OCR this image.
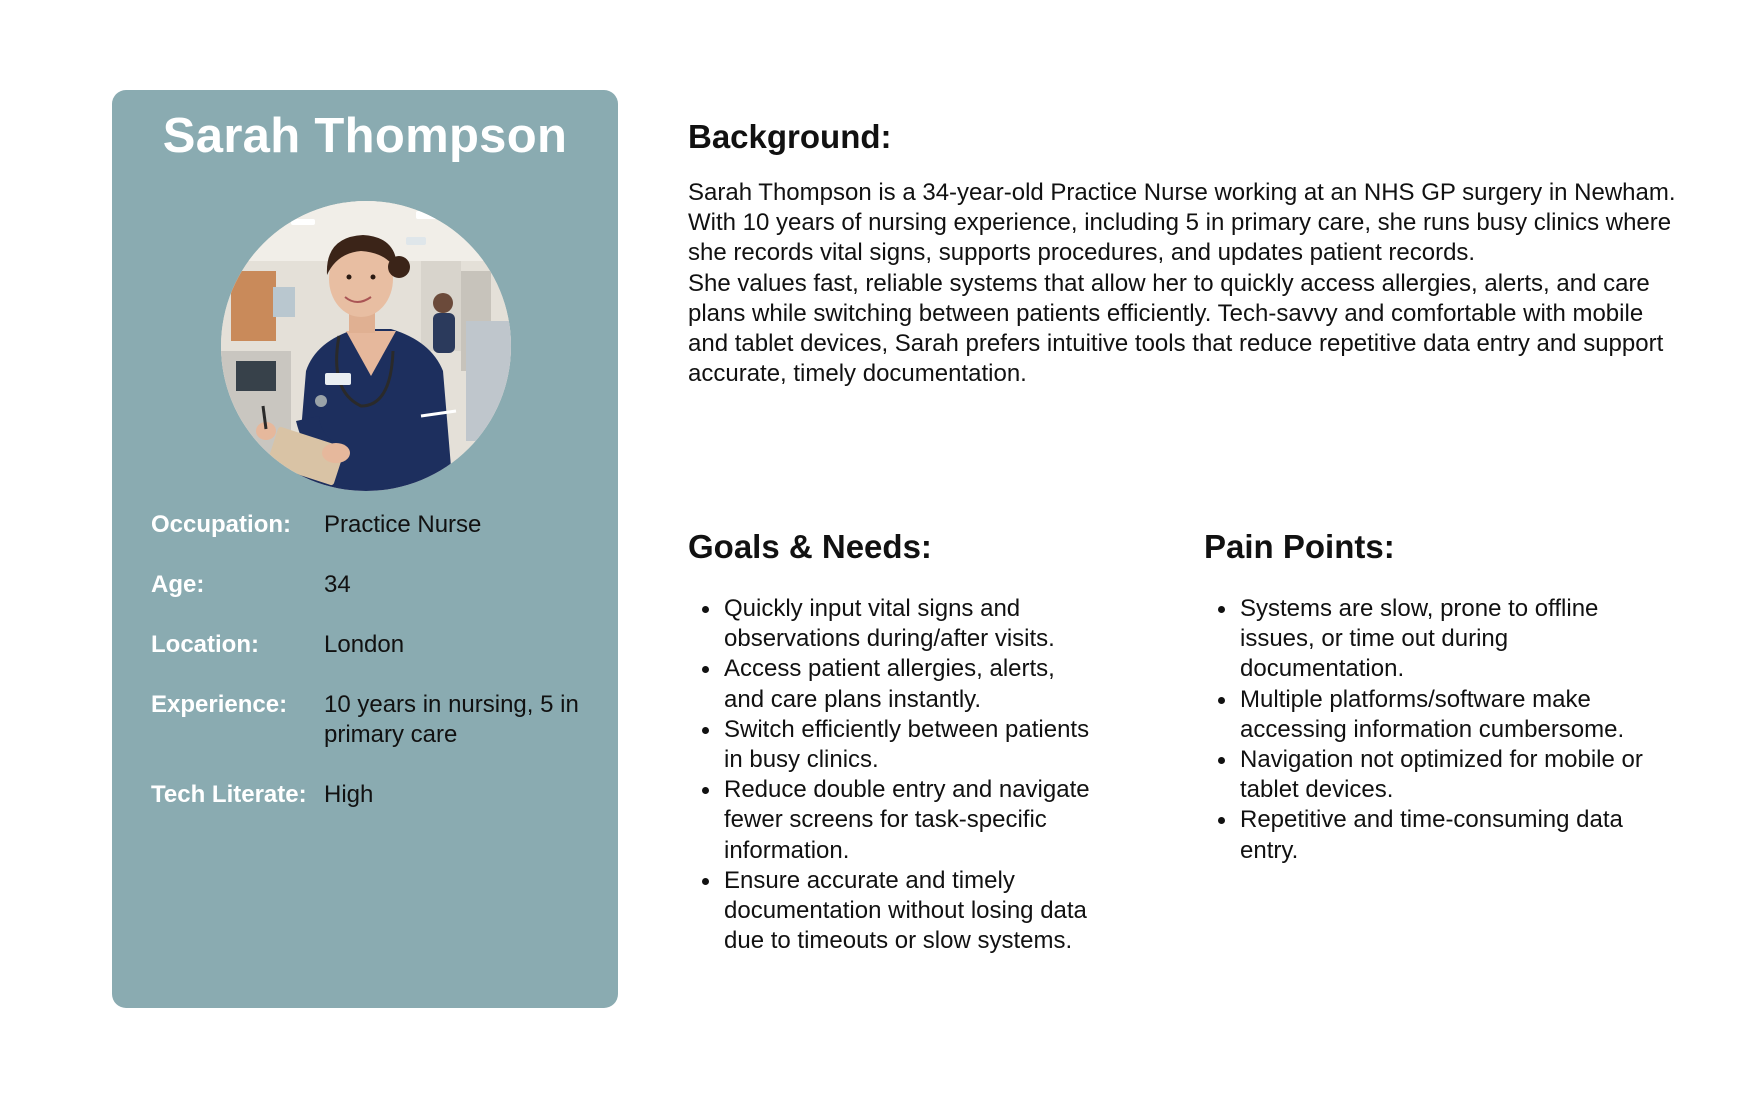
Sarah Thompson
Occupation:	Practice Nurse
Age:	34
Location:	London
Experience:	10 years in nursing, 5 in primary care
Tech Literate: High
Background:

Sarah Thompson is a 34-year-old Practice Nurse working at an NHS GP surgery in Newham. With 10 years of nursing experience, including 5 in primary care, she runs busy clinics where she records vital signs, supports procedures, and updates patient records.

She values fast, reliable systems that allow her to quickly access allergies, alerts, and care plans while switching between patients efficiently. Tech-savvy and comfortable with mobile and tablet devices, Sarah prefers intuitive tools that reduce repetitive data entry and support accurate, timely documentation.

Goals & Needs:
Quickly input vital signs and observations during/after visits.
Access patient allergies, alerts, and care plans instantly.
Switch efficiently between patients in busy clinics.
Reduce double entry and navigate fewer screens for task-specific information.
Ensure accurate and timely documentation without losing data due to timeouts or slow systems.
Pain Points:
Systems are slow, prone to offline issues, or time out during documentation.
Multiple platforms/software make accessing information cumbersome.
Navigation not optimized for mobile or tablet devices.
Repetitive and time-consuming data entry.
